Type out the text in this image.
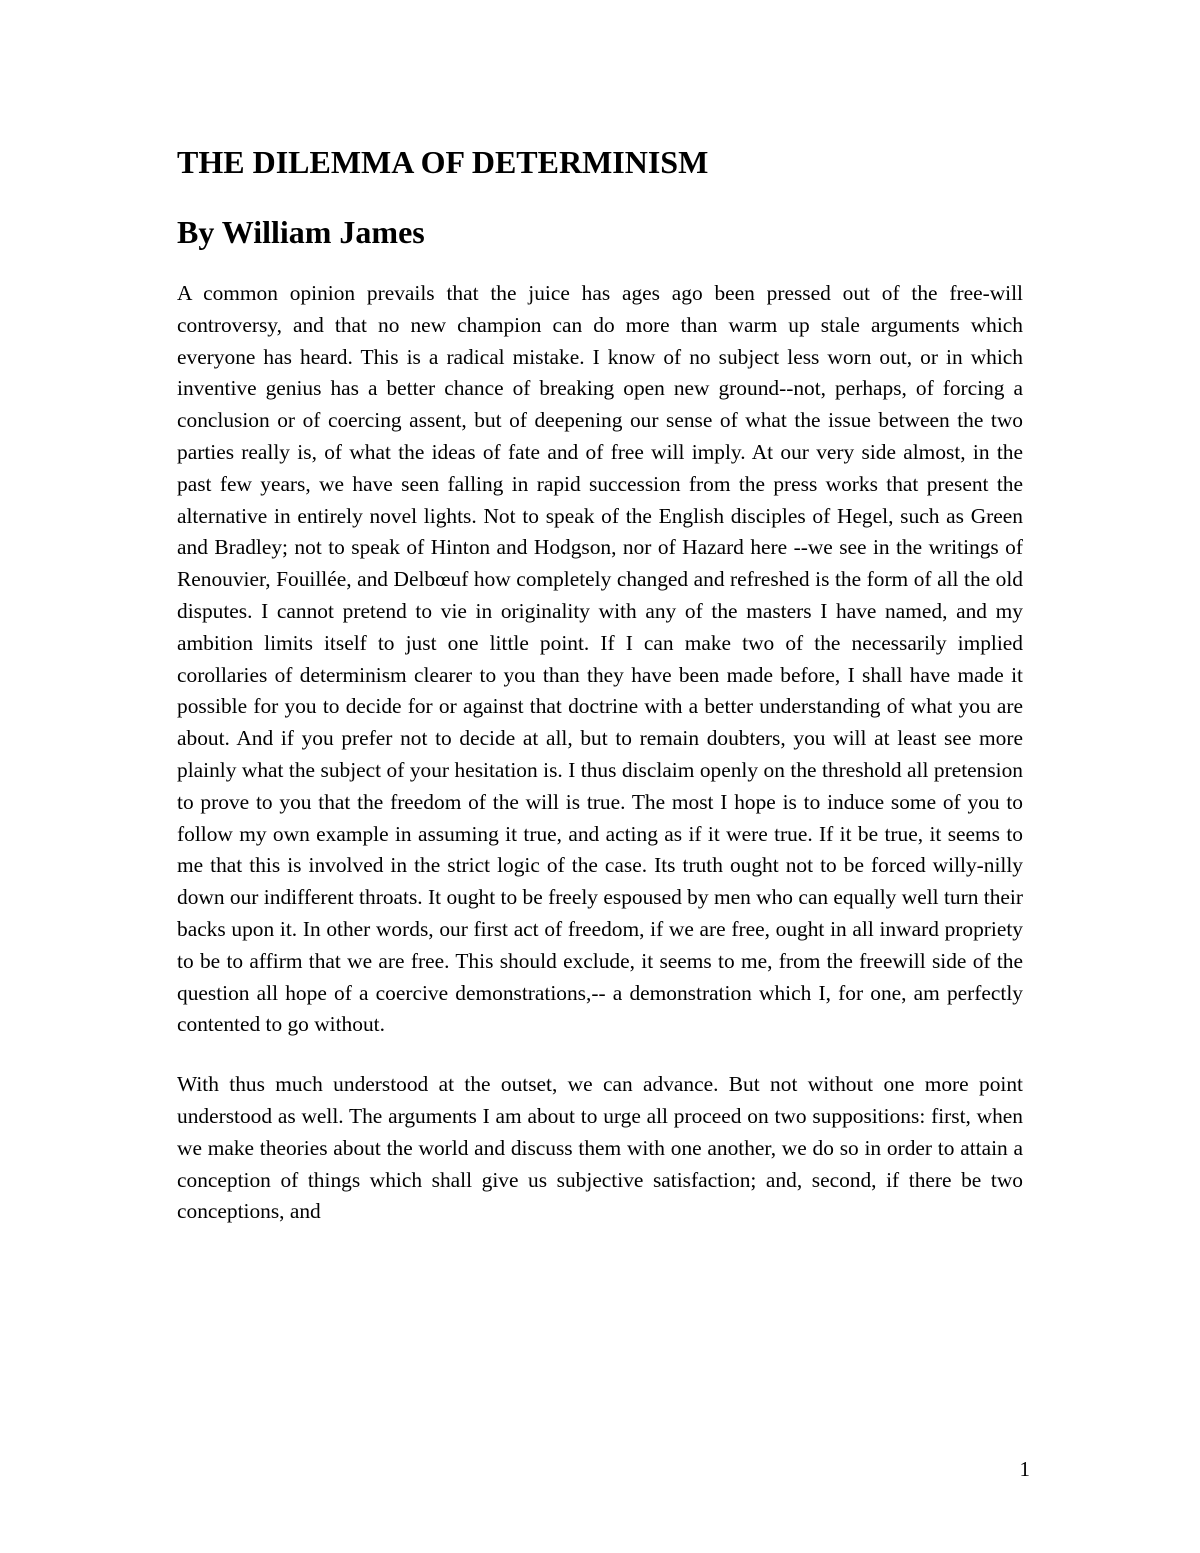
THE DILEMMA OF DETERMINISM
By William James

A common opinion prevails that the juice has ages ago been pressed out of the free-will controversy, and that no new champion can do more than warm up stale arguments which everyone has heard. This is a radical mistake. I know of no subject less worn out, or in which inventive genius has a better chance of breaking open new ground--not, perhaps, of forcing a conclusion or of coercing assent, but of deepening our sense of what the issue between the two parties really is, of what the ideas of fate and of free will imply. At our very side almost, in the past few years, we have seen falling in rapid succession from the press works that present the alternative in entirely novel lights. Not to speak of the English disciples of Hegel, such as Green and Bradley; not to speak of Hinton and Hodgson, nor of Hazard here --we see in the writings of Renouvier, Fouillée, and Delbœuf how completely changed and refreshed is the form of all the old disputes. I cannot pretend to vie in originality with any of the masters I have named, and my ambition limits itself to just one little point. If I can make two of the necessarily implied corollaries of determinism clearer to you than they have been made before, I shall have made it possible for you to decide for or against that doctrine with a better understanding of what you are about. And if you prefer not to decide at all, but to remain doubters, you will at least see more plainly what the subject of your hesitation is. I thus disclaim openly on the threshold all pretension to prove to you that the freedom of the will is true. The most I hope is to induce some of you to follow my own example in assuming it true, and acting as if it were true. If it be true, it seems to me that this is involved in the strict logic of the case. Its truth ought not to be forced willy-nilly down our indifferent throats. It ought to be freely espoused by men who can equally well turn their backs upon it. In other words, our first act of freedom, if we are free, ought in all inward propriety to be to affirm that we are free. This should exclude, it seems to me, from the freewill side of the question all hope of a coercive demonstrations,-- a demonstration which I, for one, am perfectly contented to go without.

With thus much understood at the outset, we can advance. But not without one more point understood as well. The arguments I am about to urge all proceed on two suppositions: first, when we make theories about the world and discuss them with one another, we do so in order to attain a conception of things which shall give us subjective satisfaction; and, second, if there be two conceptions, and

1
